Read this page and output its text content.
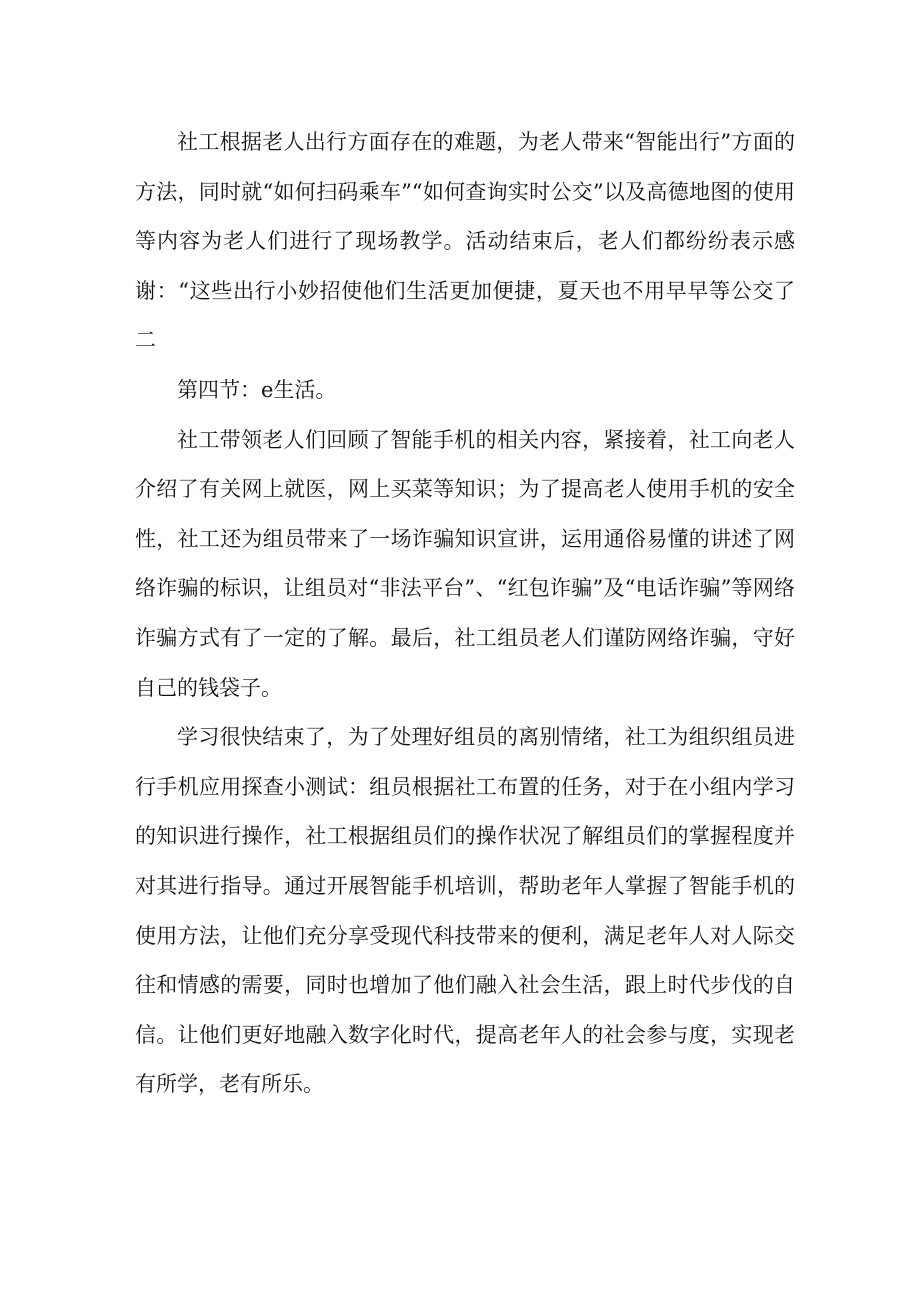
社工根据老人出行方面存在的难题，为老人带来“智能出行”方面的方法，同时就“如何扫码乘车”“如何查询实时公交”以及高德地图的使用等内容为老人们进行了现场教学。活动结束后，老人们都纷纷表示感谢：“这些出行小妙招使他们生活更加便捷，夏天也不用早早等公交了二

第四节：e生活。

社工带领老人们回顾了智能手机的相关内容，紧接着，社工向老人介绍了有关网上就医，网上买菜等知识；为了提高老人使用手机的安全性，社工还为组员带来了一场诈骗知识宣讲，运用通俗易懂的讲述了网络诈骗的标识，让组员对“非法平台”、“红包诈骗”及“电话诈骗”等网络诈骗方式有了一定的了解。最后，社工组员老人们谨防网络诈骗，守好自己的钱袋子。

学习很快结束了，为了处理好组员的离别情绪，社工为组织组员进行手机应用探查小测试：组员根据社工布置的任务，对于在小组内学习的知识进行操作，社工根据组员们的操作状况了解组员们的掌握程度并对其进行指导。通过开展智能手机培训，帮助老年人掌握了智能手机的使用方法，让他们充分享受现代科技带来的便利，满足老年人对人际交往和情感的需要，同时也增加了他们融入社会生活，跟上时代步伐的自信。让他们更好地融入数字化时代，提高老年人的社会参与度，实现老有所学，老有所乐。
